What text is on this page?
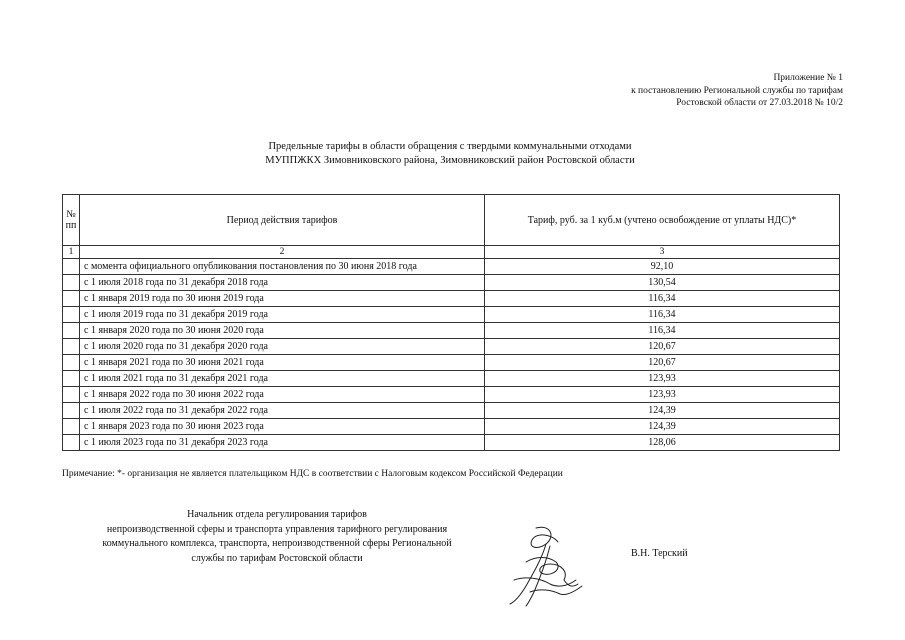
Приложение № 1
к постановлению Региональной службы по тарифам
Ростовской области от 27.03.2018 № 10/2
Предельные тарифы в области обращения с твердыми коммунальными отходами
МУППЖКХ Зимовниковского района, Зимовниковский район Ростовской области
№ пп	Период действия тарифов	Тариф, руб. за 1 куб.м (учтено освобождение от уплаты НДС)*
1	2	3
	с момента официального опубликования постановления по 30 июня 2018 года	92,10
	с 1 июля 2018 года по 31 декабря 2018 года	130,54
	с 1 января 2019 года по 30 июня 2019 года	116,34
	с 1 июля 2019 года по 31 декабря 2019 года	116,34
	с 1 января 2020 года по 30 июня 2020 года	116,34
	с 1 июля 2020 года по 31 декабря 2020 года	120,67
	с 1 января 2021 года по 30 июня 2021 года	120,67
	с 1 июля 2021 года по 31 декабря 2021 года	123,93
	с 1 января 2022 года по 30 июня 2022 года	123,93
	с 1 июля 2022 года по 31 декабря 2022 года	124,39
	с 1 января 2023 года по 30 июня 2023 года	124,39
	с 1 июля 2023 года по 31 декабря 2023 года	128,06
Примечание: *- организация не является плательщиком НДС в соответствии с Налоговым кодексом Российской Федерации
Начальник отдела регулирования тарифов
непроизводственной сферы и транспорта управления тарифного регулирования
коммунального комплекса, транспорта, непроизводственной сферы Региональной
службы по тарифам Ростовской области	В.Н. Терский
